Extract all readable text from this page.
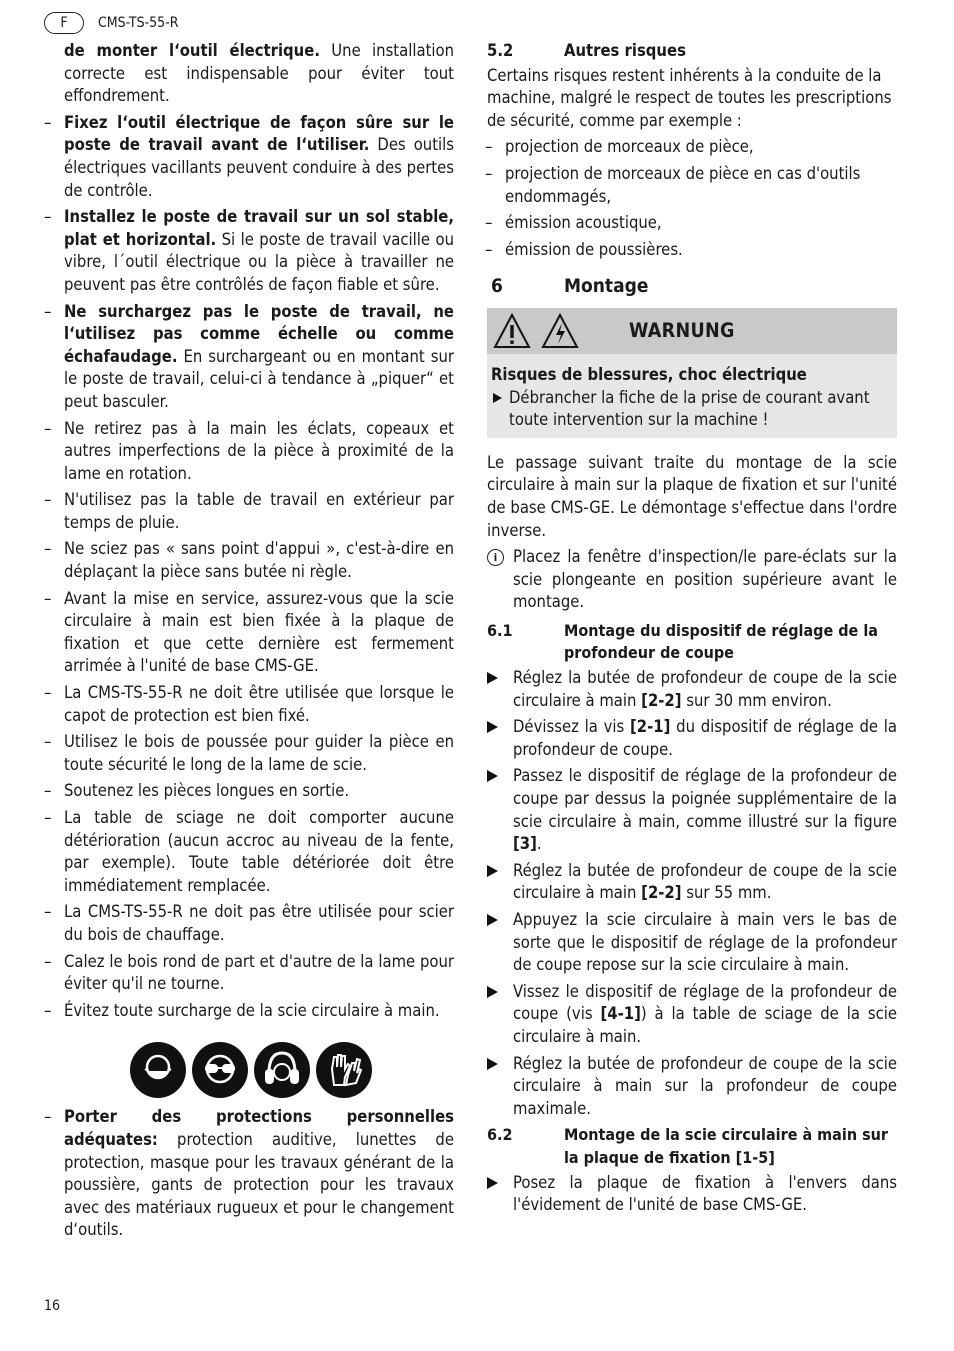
F	CMS-TS-55-R

de monter l‘outil électrique. Une installation correcte est indispensable pour éviter tout effondrement.

– Fixez l‘outil électrique de façon sûre sur le poste de travail avant de l‘utiliser. Des outils électriques vacillants peuvent conduire à des pertes de contrôle.
– Installez le poste de travail sur un sol stable, plat et horizontal. Si le poste de travail vacille ou vibre, l´outil électrique ou la pièce à travailler ne peuvent pas être contrôlés de façon fiable et sûre.
– Ne surchargez pas le poste de travail, ne l‘utilisez pas comme échelle ou comme échafaudage. En surchargeant ou en montant sur le poste de travail, celui-ci à tendance à „piquer“ et peut basculer.
– Ne retirez pas à la main les éclats, copeaux et autres imperfections de la pièce à proximité de la lame en rotation.
– N'utilisez pas la table de travail en extérieur par temps de pluie.
– Ne sciez pas « sans point d'appui », c'est-à-dire en déplaçant la pièce sans butée ni règle.
– Avant la mise en service, assurez-vous que la scie circulaire à main est bien fixée à la plaque de fixation et que cette dernière est fermement arrimée à l'unité de base CMS-GE.
– La CMS-TS-55-R ne doit être utilisée que lorsque le capot de protection est bien fixé.
– Utilisez le bois de poussée pour guider la pièce en toute sécurité le long de la lame de scie.
– Soutenez les pièces longues en sortie.
– La table de sciage ne doit comporter aucune détérioration (aucun accroc au niveau de la fente, par exemple). Toute table détériorée doit être immédiatement remplacée.
– La CMS-TS-55-R ne doit pas être utilisée pour scier du bois de chauffage.
– Calez le bois rond de part et d'autre de la lame pour éviter qu'il ne tourne.
– Évitez toute surcharge de la scie circulaire à main.
– Porter des protections personnelles adéquates: protection auditive, lunettes de protection, masque pour les travaux générant de la poussière, gants de protection pour les travaux avec des matériaux rugueux et pour le changement d‘outils.
5.2	Autres risques

Certains risques restent inhérents à la conduite de la machine, malgré le respect de toutes les prescriptions de sécurité, comme par exemple :

– projection de morceaux de pièce,
– projection de morceaux de pièce en cas d'outils endommagés,
– émission acoustique,
– émission de poussières.
6	Montage
WARNUNG
Risques de blessures, choc électrique
Débrancher la fiche de la prise de courant avant toute intervention sur la machine !

Le passage suivant traite du montage de la scie circulaire à main sur la plaque de fixation et sur l'unité de base CMS-GE. Le démontage s'effectue dans l'ordre inverse.

i Placez la fenêtre d'inspection/le pare-éclats sur la scie plongeante en position supérieure avant le montage.
6.1	Montage du dispositif de réglage de la profondeur de coupe
Réglez la butée de profondeur de coupe de la scie circulaire à main [2-2] sur 30 mm environ.
Dévissez la vis [2-1] du dispositif de réglage de la profondeur de coupe.
Passez le dispositif de réglage de la profondeur de coupe par dessus la poignée supplémentaire de la scie circulaire à main, comme illustré sur la figure [3].
Réglez la butée de profondeur de coupe de la scie circulaire à main [2-2] sur 55 mm.
Appuyez la scie circulaire à main vers le bas de sorte que le dispositif de réglage de la profondeur de coupe repose sur la scie circulaire à main.
Vissez le dispositif de réglage de la profondeur de coupe (vis [4-1]) à la table de sciage de la scie circulaire à main.
Réglez la butée de profondeur de coupe de la scie circulaire à main sur la profondeur de coupe maximale.
6.2	Montage de la scie circulaire à main sur la plaque de fixation [1-5]
Posez la plaque de fixation à l'envers dans l'évidement de l'unité de base CMS-GE.
16
